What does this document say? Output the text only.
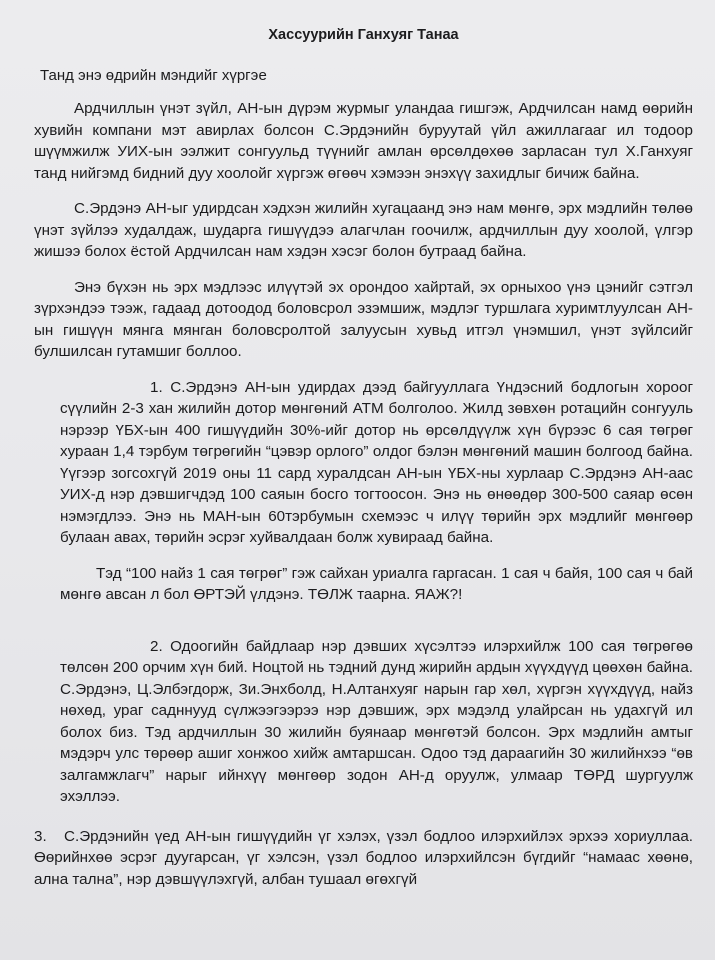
Хассуурийн Ганхуяг Танаа
Танд энэ өдрийн мэндийг хүргэе

Ардчиллын үнэт зүйл, АН-ын дүрэм журмыг уландаа гишгэж, Ардчилсан намд өөрийн хувийн компани мэт авирлах болсон С.Эрдэнийн буруутай үйл ажиллагааг ил тодоор шүүмжилж УИХ-ын ээлжит сонгуульд түүнийг амлан өрсөлдөхөө зарласан тул Х.Ганхуяг танд нийгэмд бидний дуу хоолойг хүргэж өгөөч хэмээн энэхүү захидлыг бичиж байна.

С.Эрдэнэ АН-ыг удирдсан хэдхэн жилийн хугацаанд энэ нам мөнгө, эрх мэдлийн төлөө үнэт зүйлээ худалдаж, шударга гишүүдээ алагчлан гоочилж, ардчиллын дуу хоолой, үлгэр жишээ болох ёстой Ардчилсан нам хэдэн хэсэг болон бутраад байна.

Энэ бүхэн нь эрх мэдлээс илүүтэй эх орондоо хайртай, эх орныхоо үнэ цэнийг сэтгэл зүрхэндээ тээж, гадаад дотоодод боловсрол эзэмшиж, мэдлэг туршлага хуримтлуулсан АН-ын гишүүн мянга мянган боловсролтой залуусын хувьд итгэл үнэмшил, үнэт зүйлсийг булшилсан гутамшиг боллоо.

1. С.Эрдэнэ АН-ын удирдах дээд байгууллага Үндэсний бодлогын хороог сүүлийн 2-3 хан жилийн дотор мөнгөний АТМ болголоо. Жилд зөвхөн ротацийн сонгууль нэрээр ҮБХ-ын 400 гишүүдийн 30%-ийг дотор нь өрсөлдүүлж хүн бүрээс 6 сая төгрөг хураан 1,4 тэрбум төгрөгийн “цэвэр орлого” олдог бэлэн мөнгөний машин болгоод байна. Үүгээр зогсохгүй 2019 оны 11 сард хуралдсан АН-ын ҮБХ-ны хурлаар С.Эрдэнэ АН-аас УИХ-д нэр дэвшигчдэд 100 саяын босго тогтоосон. Энэ нь өнөөдөр 300-500 саяар өсөн нэмэгдлээ. Энэ нь МАН-ын 60тэрбумын схемээс ч илүү төрийн эрх мэдлийг мөнгөөр булаан авах, төрийн эсрэг хуйвалдаан болж хувираад байна.

Тэд “100 найз 1 сая төгрөг” гэж сайхан уриалга гаргасан. 1 сая ч байя, 100 сая ч бай мөнгө авсан л бол ӨРТЭЙ үлдэнэ. ТӨЛЖ таарна. ЯАЖ?!

2. Одоогийн байдлаар нэр дэвших хүсэлтээ илэрхийлж 100 сая төгрөгөө төлсөн 200 орчим хүн бий. Ноцтой нь тэдний дунд жирийн ардын хүүхдүүд цөөхөн байна. С.Эрдэнэ, Ц.Элбэгдорж, Зи.Энхболд, Н.Алтанхуяг нарын гар хөл, хүргэн хүүхдүүд, найз нөхөд, ураг садннууд сүлжээгээрээ нэр дэвшиж, эрх мэдэлд улайрсан нь удахгүй ил болох биз. Тэд ардчиллын 30 жилийн буянаар мөнгөтэй болсон. Эрх мэдлийн амтыг мэдэрч улс төрөөр ашиг хонжоо хийж амтаршсан. Одоо тэд дараагийн 30 жилийнхээ “өв залгамжлагч” нарыг ийнхүү мөнгөөр зодон АН-д оруулж, улмаар ТӨРД шургуулж эхэллээ.

3. С.Эрдэнийн үед АН-ын гишүүдийн үг хэлэх, үзэл бодлоо илэрхийлэх эрхээ хориуллаа. Өөрийнхөө эсрэг дуугарсан, үг хэлсэн, үзэл бодлоо илэрхийлсэн бүгдийг “намаас хөөнө, ална тална”, нэр дэвшүүлэхгүй, албан тушаал өгөхгүй
